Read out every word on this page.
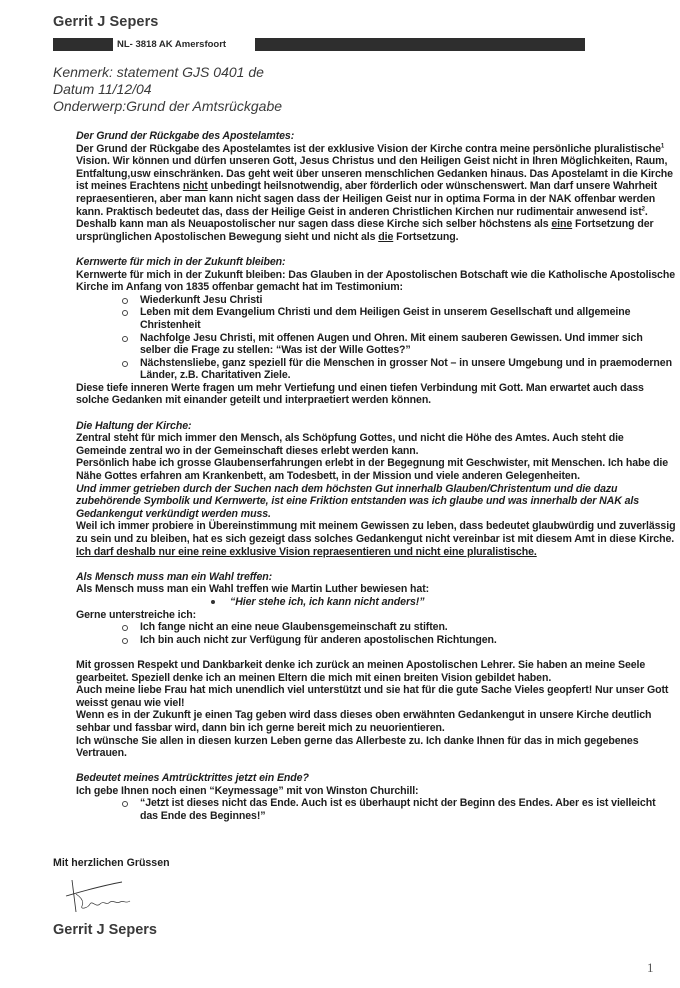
Gerrit J Sepers
NL- 3818 AK Amersfoort
Kenmerk: statement GJS 0401 de
Datum 11/12/04
Onderwerp:Grund der Amtsrückgabe

Der Grund der Rückgabe des Apostelamtes:

Der Grund der Rückgabe des Apostelamtes ist der exklusive Vision der Kirche contra meine persönliche pluralistische$^1$ Vision. Wir können und dürfen unseren Gott, Jesus Christus und den Heiligen Geist nicht in Ihren Möglichkeiten, Raum, Entfaltung,usw einschränken. Das geht weit über unseren menschlichen Gedanken hinaus. Das Apostelamt in die Kirche ist meines Erachtens nicht unbedingt heilsnotwendig, aber förderlich oder wünschenswert. Man darf unsere Wahrheit repraesentieren, aber man kann nicht sagen dass der Heiligen Geist nur in optima Forma in der NAK offenbar werden kann. Praktisch bedeutet das, dass der Heilige Geist in anderen Christlichen Kirchen nur rudimentair anwesend ist$^2$. Deshalb kann man als Neuapostolischer nur sagen dass diese Kirche sich selber höchstens als eine Fortsetzung der ursprünglichen Apostolischen Bewegung sieht und nicht als die Fortsetzung.

Kernwerte für mich in der Zukunft bleiben:

Kernwerte für mich in der Zukunft bleiben: Das Glauben in der Apostolischen Botschaft wie die Katholische Apostolische Kirche im Anfang von 1835 offenbar gemacht hat im Testimonium:

Wiederkunft Jesu Christi
Leben mit dem Evangelium Christi und dem Heiligen Geist in unserem Gesellschaft und allgemeine Christenheit
Nachfolge Jesu Christi, mit offenen Augen und Ohren. Mit einem sauberen Gewissen. Und immer sich selber die Frage zu stellen: “Was ist der Wille Gottes?”
Nächstensliebe, ganz speziell für die Menschen in grosser Not – in unsere Umgebung und in praemodernen Länder, z.B. Charitativen Ziele.

Diese tiefe inneren Werte fragen um mehr Vertiefung und einen tiefen Verbindung mit Gott. Man erwartet auch dass solche Gedanken mit einander geteilt und interpraetiert werden können.

Die Haltung der Kirche:

Zentral steht für mich immer den Mensch, als Schöpfung Gottes, und nicht die Höhe des Amtes. Auch steht die Gemeinde zentral wo in der Gemeinschaft dieses erlebt werden kann.

Persönlich habe ich grosse Glaubenserfahrungen erlebt in der Begegnung mit Geschwister, mit Menschen. Ich habe die Nähe Gottes erfahren am Krankenbett, am Todesbett, in der Mission und viele anderen Gelegenheiten.

Und immer getrieben durch der Suchen nach dem höchsten Gut innerhalb Glauben/Christentum und die dazu zubehörende Symbolik und Kernwerte, ist eine Friktion entstanden was ich glaube und was innerhalb der NAK als Gedankengut verkündigt werden muss.

Weil ich immer probiere in Übereinstimmung mit meinem Gewissen zu leben, dass bedeutet glaubwürdig und zuverlässig zu sein und zu bleiben, hat es sich gezeigt dass solches Gedankengut nicht vereinbar ist mit diesem Amt in diese Kirche. Ich darf deshalb nur eine reine exklusive Vision repraesentieren und nicht eine pluralistische.

Als Mensch muss man ein Wahl treffen:

Als Mensch muss man ein Wahl treffen wie Martin Luther bewiesen hat:

“Hier stehe ich, ich kann nicht anders!”

Gerne unterstreiche ich:

Ich fange nicht an eine neue Glaubensgemeinschaft zu stiften.
Ich bin auch nicht zur Verfügung für anderen apostolischen Richtungen.

Mit grossen Respekt und Dankbarkeit denke ich zurück an meinen Apostolischen Lehrer. Sie haben an meine Seele gearbeitet. Speziell denke ich an meinen Eltern die mich mit einen breiten Vision gebildet haben.

Auch meine liebe Frau hat mich unendlich viel unterstützt und sie hat für die gute Sache Vieles geopfert! Nur unser Gott weisst genau wie viel!

Wenn es in der Zukunft je einen Tag geben wird dass dieses oben erwähnten Gedankengut in unsere Kirche deutlich sehbar und fassbar wird, dann bin ich gerne bereit mich zu neuorientieren.

Ich wünsche Sie allen in diesen kurzen Leben gerne das Allerbeste zu. Ich danke Ihnen für das in mich gegebenes Vertrauen.

Bedeutet meines Amtrücktrittes jetzt ein Ende?

Ich gebe Ihnen noch einen “Keymessage” mit von Winston Churchill:

“Jetzt ist dieses nicht das Ende. Auch ist es überhaupt nicht der Beginn des Endes. Aber es ist vielleicht das Ende des Beginnes!”
Mit herzlichen Grüssen
Gerrit J Sepers
1
